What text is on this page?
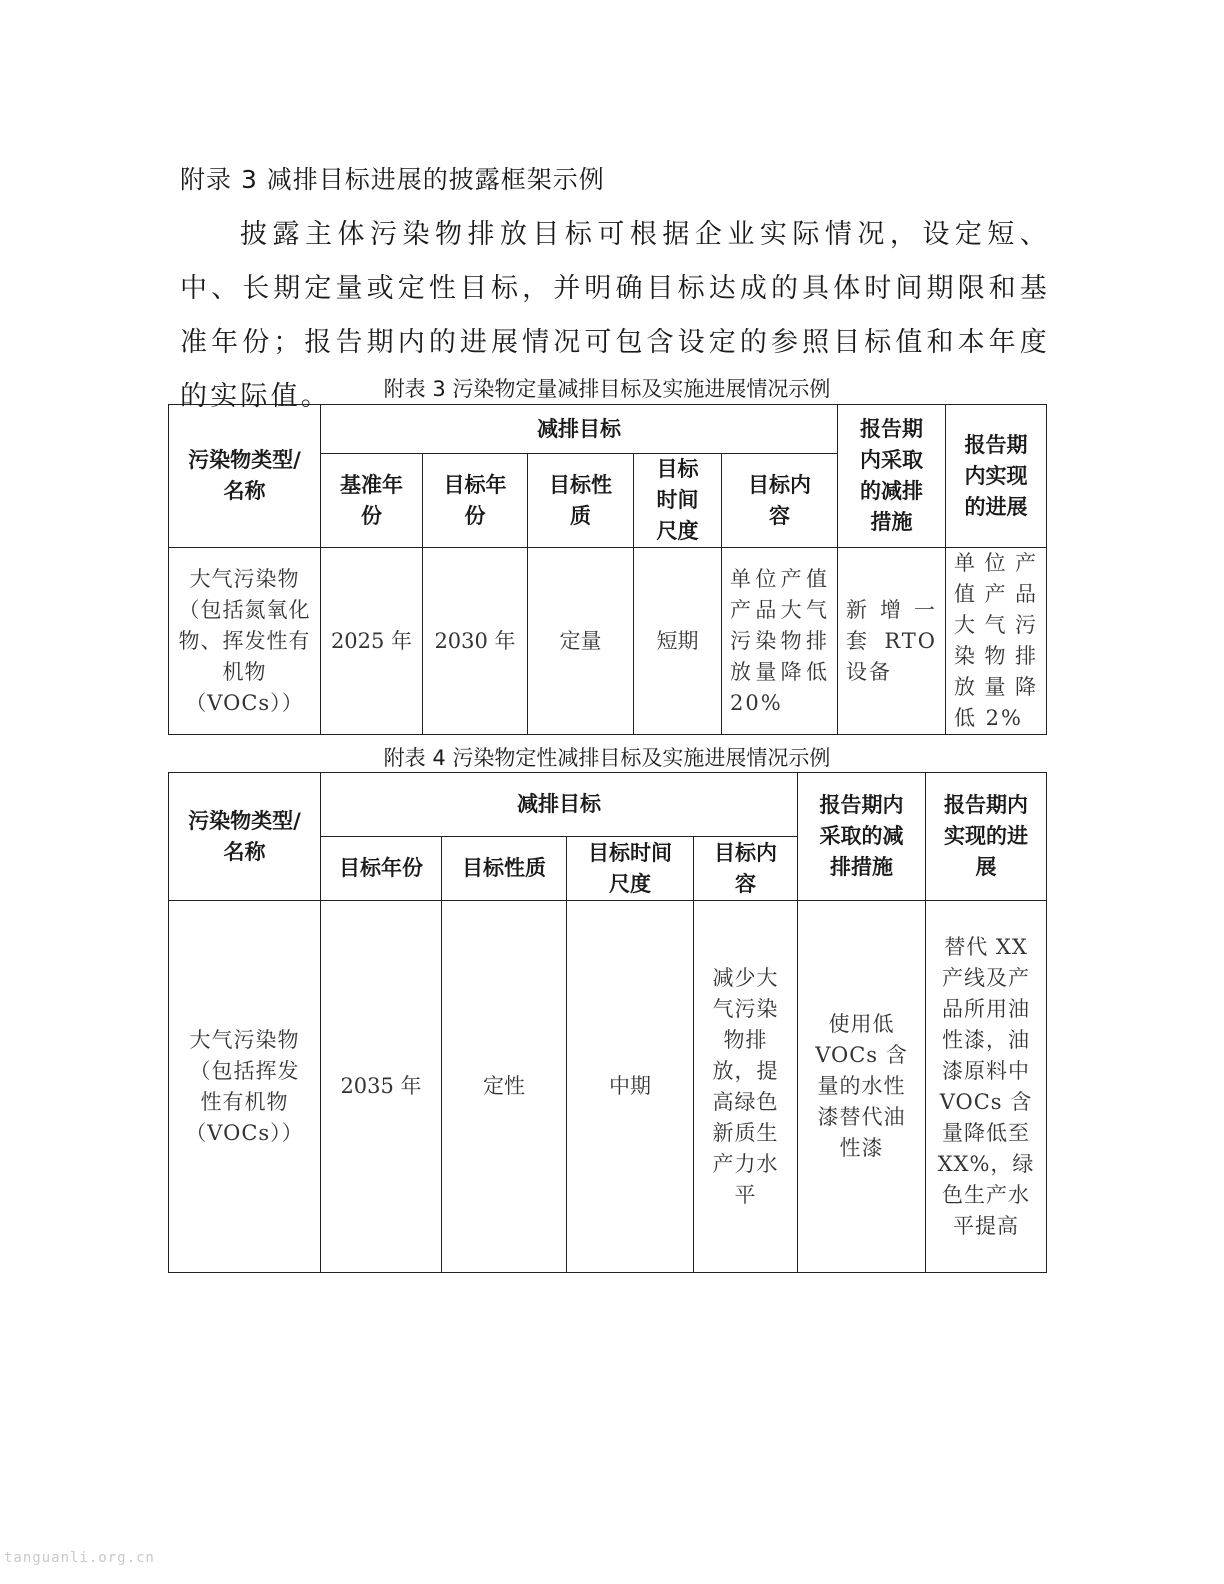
附录 3 减排目标进展的披露框架示例

披露主体污染物排放目标可根据企业实际情况，设定短、中、长期定量或定性目标，并明确目标达成的具体时间期限和基准年份；报告期内的进展情况可包含设定的参照目标值和本年度的实际值。	附表 3 污染物定量减排目标及实施进展情况示例
污染物类型/名称	减排目标					报告期内采取的减排措施	报告期内实现的进展
	基准年份	目标年份	目标性质	目标时间尺度	目标内容		
大气污染物（包括氮氧化物、挥发性有机物（VOCs））	2025 年	2030 年	定量	短期	单位产值产品大气污染物排放量降低 20%	新增一套 RTO 设备	单位产值产品大气污染物排放量降低 2%
附表 4 污染物定性减排目标及实施进展情况示例
污染物类型/名称	减排目标				报告期内采取的减排措施	报告期内实现的进展
	目标年份	目标性质	目标时间尺度	目标内容		
大气污染物（包括挥发性有机物（VOCs））	2035 年	定性	中期	减少大气污染物排放，提高绿色新质生产力水平	使用低 VOCs 含量的水性漆替代油性漆	替代 XX 产线及产品所用油性漆，油漆原料中 VOCs 含量降低至 XX%，绿色生产水平提高
tanguanli.org.cn
